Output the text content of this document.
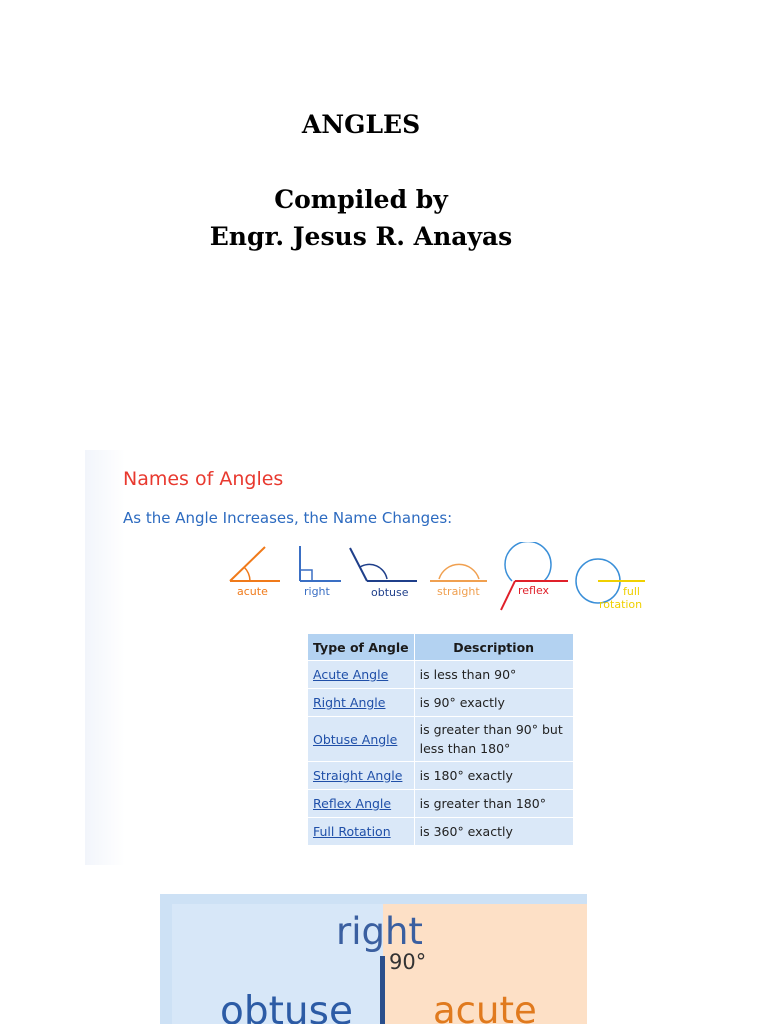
ANGLES
Compiled by
Engr. Jesus R. Anayas
Names of Angles
As the Angle Increases, the Name Changes:
acute	right	obtuse	straight	reflex	full
rotation
Type of Angle	Description
Acute Angle	is less than 90°
Right Angle	is 90° exactly
Obtuse Angle	is greater than 90° but less than 180°
Straight Angle	is 180° exactly
Reflex Angle	is greater than 180°
Full Rotation	is 360° exactly
right
90°
obtuse acute
